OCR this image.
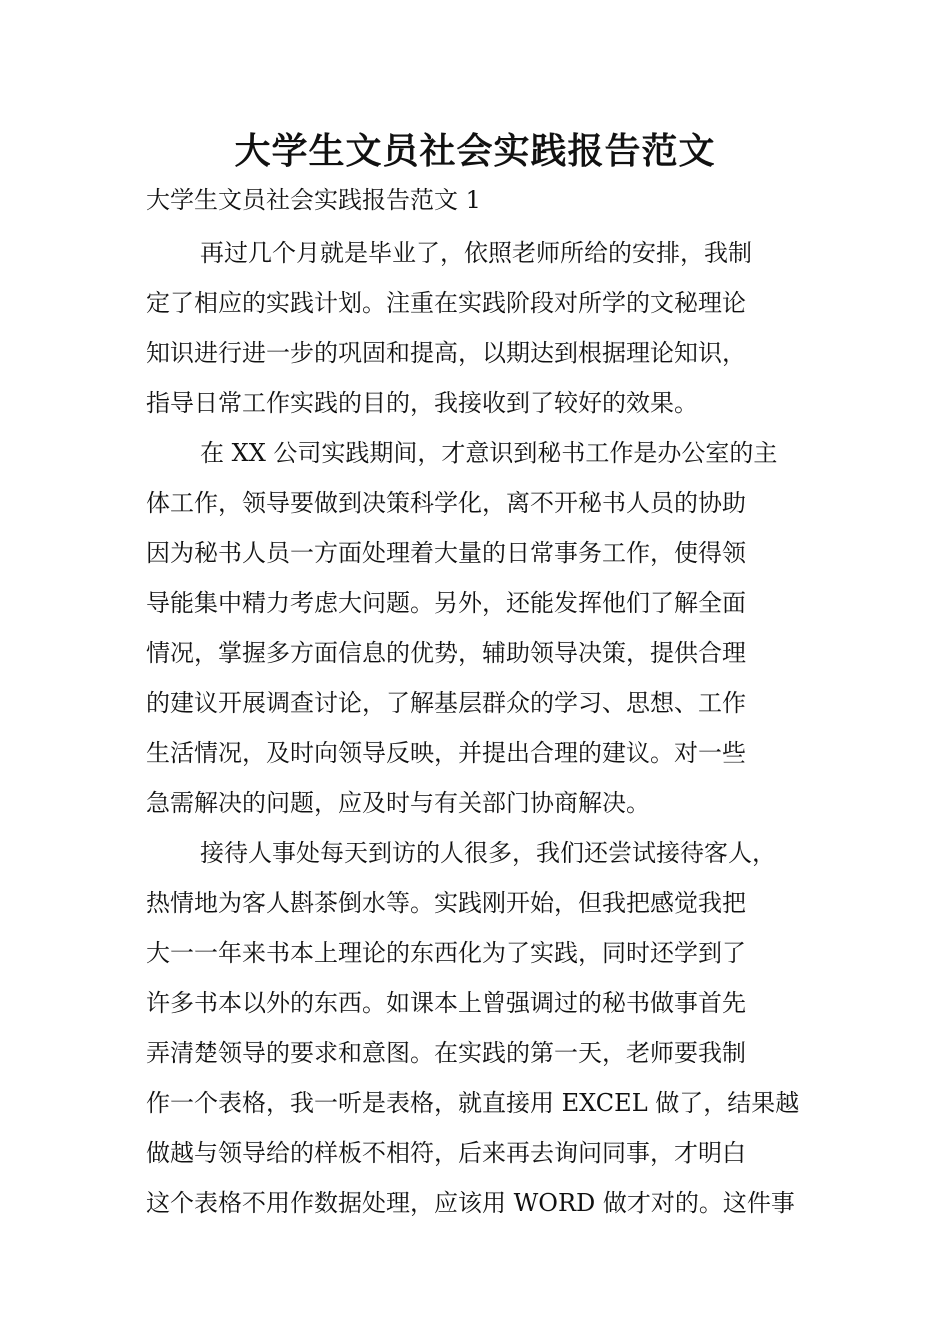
大学生文员社会实践报告范文
大学生文员社会实践报告范文 1
再过几个月就是毕业了，依照老师所给的安排，我制
定了相应的实践计划。注重在实践阶段对所学的文秘理论
知识进行进一步的巩固和提高，以期达到根据理论知识，
指导日常工作实践的目的，我接收到了较好的效果。
在 XX 公司实践期间，才意识到秘书工作是办公室的主
体工作，领导要做到决策科学化，离不开秘书人员的协助
因为秘书人员一方面处理着大量的日常事务工作，使得领
导能集中精力考虑大问题。另外，还能发挥他们了解全面
情况，掌握多方面信息的优势，辅助领导决策，提供合理
的建议开展调查讨论，了解基层群众的学习、思想、工作
生活情况，及时向领导反映，并提出合理的建议。对一些
急需解决的问题，应及时与有关部门协商解决。
接待人事处每天到访的人很多，我们还尝试接待客人，
热情地为客人斟茶倒水等。实践刚开始，但我把感觉我把
大一一年来书本上理论的东西化为了实践，同时还学到了
许多书本以外的东西。如课本上曾强调过的秘书做事首先
弄清楚领导的要求和意图。在实践的第一天，老师要我制
作一个表格，我一听是表格，就直接用 EXCEL 做了，结果越
做越与领导给的样板不相符，后来再去询问同事，才明白
这个表格不用作数据处理，应该用 WORD 做才对的。这件事
